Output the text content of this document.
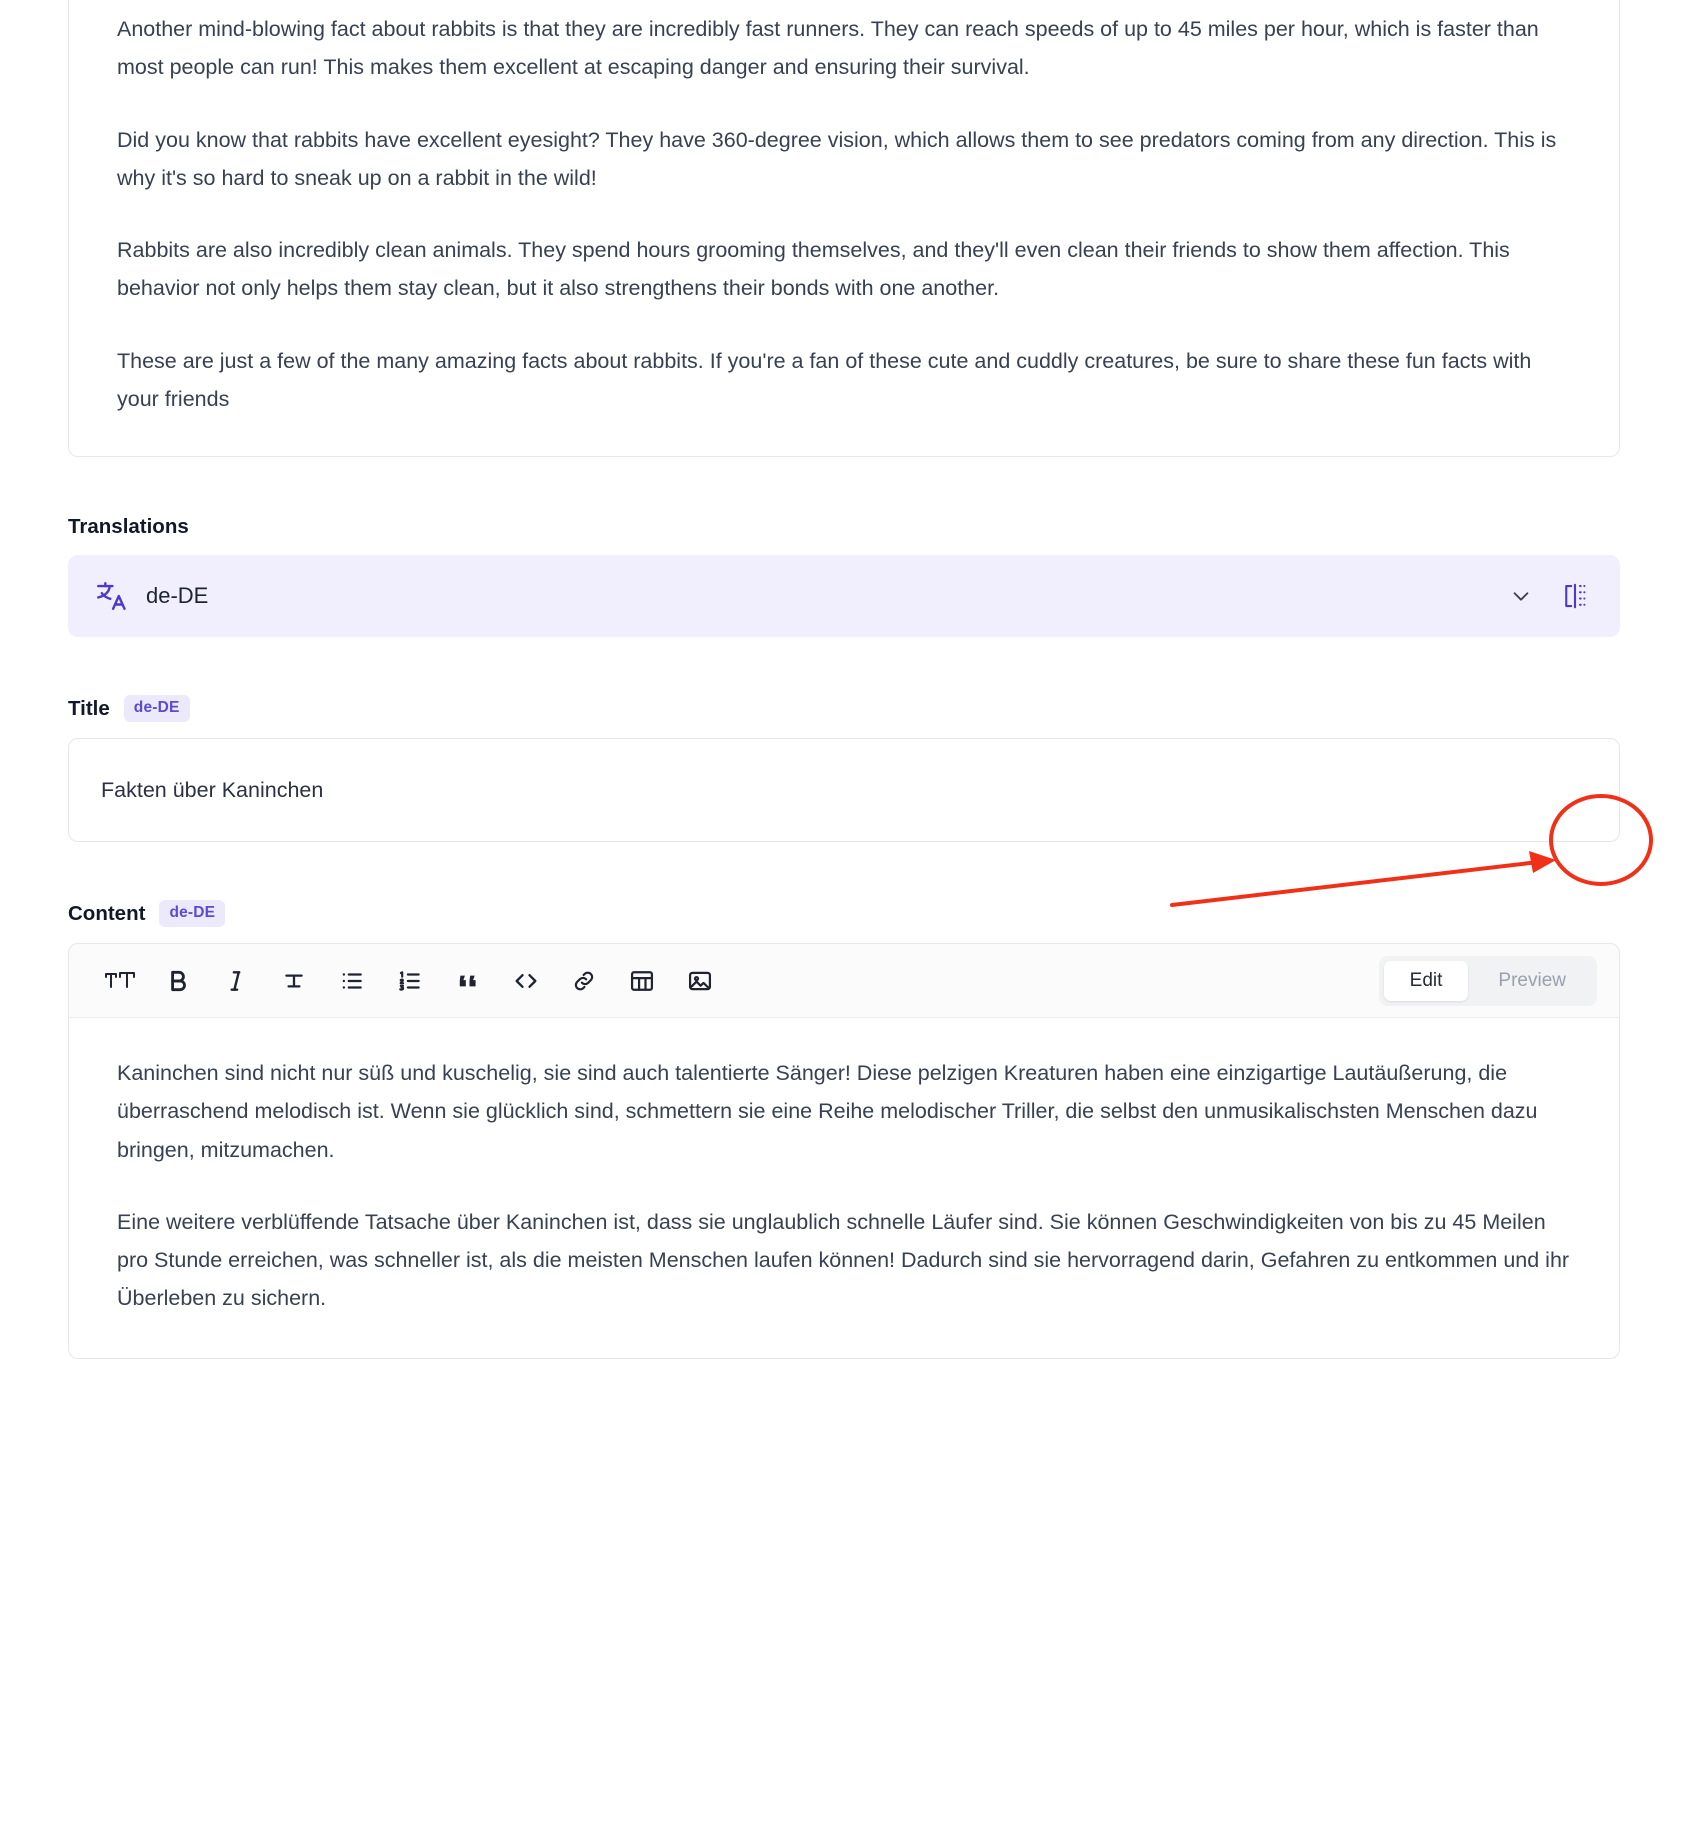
Another mind-blowing fact about rabbits is that they are incredibly fast runners. They can reach speeds of up to 45 miles per hour, which is faster than most people can run! This makes them excellent at escaping danger and ensuring their survival.

Did you know that rabbits have excellent eyesight? They have 360-degree vision, which allows them to see predators coming from any direction. This is why it's so hard to sneak up on a rabbit in the wild!

Rabbits are also incredibly clean animals. They spend hours grooming themselves, and they'll even clean their friends to show them affection. This behavior not only helps them stay clean, but it also strengthens their bonds with one another.

These are just a few of the many amazing facts about rabbits. If you're a fan of these cute and cuddly creatures, be sure to share these fun facts with your friends

Translations
de-DE
Title	de-DE
Fakten über Kaninchen
Content	de-DE
Edit	Preview

Kaninchen sind nicht nur süß und kuschelig, sie sind auch talentierte Sänger! Diese pelzigen Kreaturen haben eine einzigartige Lautäußerung, die überraschend melodisch ist. Wenn sie glücklich sind, schmettern sie eine Reihe melodischer Triller, die selbst den unmusikalischsten Menschen dazu bringen, mitzumachen.

Eine weitere verblüffende Tatsache über Kaninchen ist, dass sie unglaublich schnelle Läufer sind. Sie können Geschwindigkeiten von bis zu 45 Meilen pro Stunde erreichen, was schneller ist, als die meisten Menschen laufen können! Dadurch sind sie hervorragend darin, Gefahren zu entkommen und ihr Überleben zu sichern.
